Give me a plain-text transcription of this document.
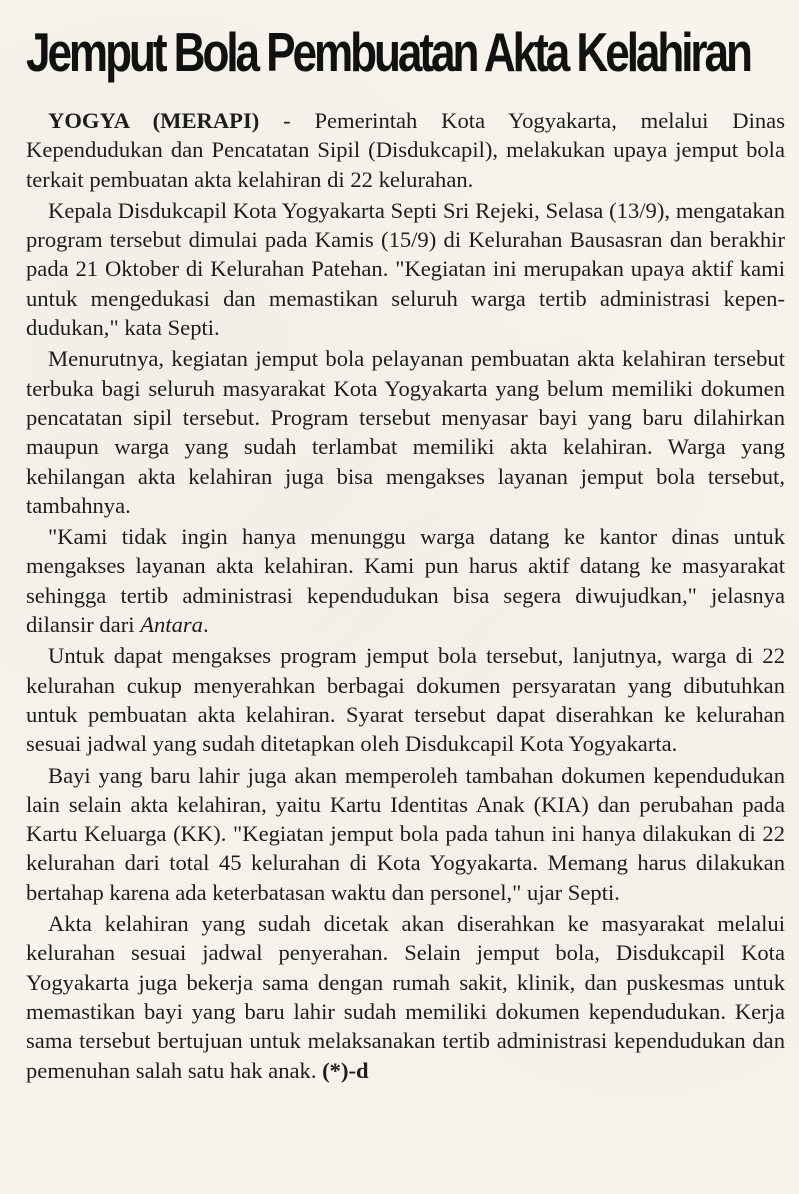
Jemput Bola Pembuatan Akta Kelahiran

YOGYA (MERAPI) - Pemerintah Kota Yogyakarta, melalui Dinas Kependudukan dan Pencatatan Sipil (Disdukcapil), melakukan upaya jemput bola terkait pembuatan akta kelahiran di 22 kelurahan.

Kepala Disdukcapil Kota Yogyakarta Septi Sri Rejeki, Selasa (13/9), mengatakan program tersebut dimulai pada Kamis (15/9) di Kelurahan Bausasran dan berakhir pada 21 Oktober di Kelurahan Patehan. "Kegiatan ini merupakan upaya aktif kami untuk mengedukasi dan memastikan seluruh warga tertib administrasi kependudukan," kata Septi.

Menurutnya, kegiatan jemput bola pelayanan pembuatan akta kelahiran tersebut terbuka bagi seluruh masyarakat Kota Yogyakarta yang belum memiliki dokumen pencatatan sipil tersebut. Program tersebut menyasar bayi yang baru dilahirkan maupun warga yang sudah terlambat memiliki akta kelahiran. Warga yang kehilangan akta kelahiran juga bisa mengakses layanan jemput bola tersebut, tambahnya.

"Kami tidak ingin hanya menunggu warga datang ke kantor dinas untuk mengakses layanan akta kelahiran. Kami pun harus aktif datang ke masyarakat sehingga tertib administrasi kependudukan bisa segera diwujudkan," jelasnya dilansir dari Antara.

Untuk dapat mengakses program jemput bola tersebut, lanjutnya, warga di 22 kelurahan cukup menyerahkan berbagai dokumen persyaratan yang dibutuhkan untuk pembuatan akta kelahiran. Syarat tersebut dapat diserahkan ke kelurahan sesuai jadwal yang sudah ditetapkan oleh Disdukcapil Kota Yogyakarta.

Bayi yang baru lahir juga akan memperoleh tambahan dokumen kependudukan lain selain akta kelahiran, yaitu Kartu Identitas Anak (KIA) dan perubahan pada Kartu Keluarga (KK). "Kegiatan jemput bola pada tahun ini hanya dilakukan di 22 kelurahan dari total 45 kelurahan di Kota Yogyakarta. Memang harus dilakukan bertahap karena ada keterbatasan waktu dan personel," ujar Septi.

Akta kelahiran yang sudah dicetak akan diserahkan ke masyarakat melalui kelurahan sesuai jadwal penyerahan. Selain jemput bola, Disdukcapil Kota Yogyakarta juga bekerja sama dengan rumah sakit, klinik, dan puskesmas untuk memastikan bayi yang baru lahir sudah memiliki dokumen kependudukan. Kerja sama tersebut bertujuan untuk melaksanakan tertib administrasi kependudukan dan pemenuhan salah satu hak anak. (*)-d
